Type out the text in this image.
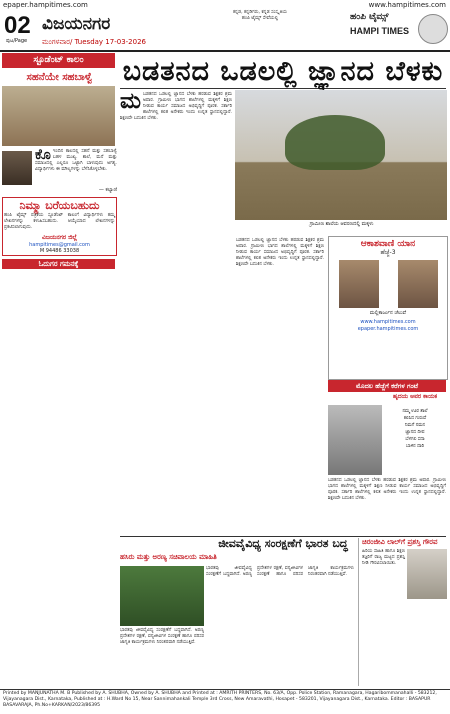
epaper.hampitimes.com	www.hampitimes.com
02
ಪುಟ/Page
ವಿಜಯನಗರ
ಮಂಗಳವಾರ/ Tuesday 17-03-2026
ಕನ್ನಡ, ಕನ್ನಡಿಗರು, ಕನ್ನಡ ಸಂಸ್ಕೃತಿಯ
ಹಂಪಿ ಟೈಮ್ಸ್ ಸೇವೆಯಲ್ಲಿ	ಹಂಪಿ ಟೈಮ್ಸ್
HAMPI TIMES
ಸ್ಟೂಡೆಂಟ್ ಕಾಲಂ
ಸಹನೆಯೇ ಸಹಬಾಳ್ವೆ
ಕೊ ಇಂದಿನ ಕಾಲದಲ್ಲಿ ಸಹನೆ ಮತ್ತು ಸಹಬಾಳ್ವೆ ಬಹಳ ಮುಖ್ಯ. ಶಾಲೆ, ಮನೆ ಮತ್ತು ಸಮಾಜದಲ್ಲಿ ಎಲ್ಲರೂ ಒಟ್ಟಾಗಿ ಬಾಳುವುದು ಅಗತ್ಯ. ವಿದ್ಯಾರ್ಥಿಗಳು ಈ ಮೌಲ್ಯಗಳನ್ನು ಬೆಳೆಸಿಕೊಳ್ಳಬೇಕು.
— ಕಲ್ಯಾಣಿ
ನಿಮ್ಮಾ ಬರೆಯಬಹುದು
ಹಂಪಿ ಟೈಮ್ಸ್ ಪತ್ರಿಕೆಯ ಸ್ಟೂಡೆಂಟ್ ಕಾಲಂಗೆ ವಿದ್ಯಾರ್ಥಿಗಳು ತಮ್ಮ ಲೇಖನಗಳನ್ನು ಕಳುಹಿಸಬಹುದು. ಆಯ್ಕೆಯಾದ ಲೇಖನಗಳನ್ನು ಪ್ರಕಟಿಸಲಾಗುವುದು.
ವಿಜಯನಗರ ಜಿಲ್ಲೆ
hampitimes@gmail.com
M 94486 33038
ಓದುಗರ ಗಮನಕ್ಕೆ
ಬಡತನದ ಒಡಲಲ್ಲಿ ಜ್ಞಾನದ ಬೆಳಕು
ಮ ಬಡತನದ ಒಡಲಲ್ಲಿ ಜ್ಞಾನದ ಬೆಳಕು ಹರಡುವ ಶಿಕ್ಷಕರ ಶ್ರಮ ಅಪಾರ. ಗ್ರಾಮೀಣ ಭಾಗದ ಶಾಲೆಗಳಲ್ಲಿ ಮಕ್ಕಳಿಗೆ ಶಿಕ್ಷಣ ನೀಡುವ ಕಾರ್ಯ ಸಮಾಜದ ಅಭಿವೃದ್ಧಿಗೆ ಪೂರಕ. ಸರ್ಕಾರಿ ಶಾಲೆಗಳಲ್ಲಿ ಕಲಿತ ಅನೇಕರು ಇಂದು ಉನ್ನತ ಸ್ಥಾನದಲ್ಲಿದ್ದಾರೆ. ಶಿಕ್ಷಣವೇ ಬದುಕಿನ ಬೆಳಕು.
ಗ್ರಾಮೀಣ ಶಾಲೆಯ ಆವರಣದಲ್ಲಿ ಮಕ್ಕಳು
ಬಡತನದ ಒಡಲಲ್ಲಿ ಜ್ಞಾನದ ಬೆಳಕು ಹರಡುವ ಶಿಕ್ಷಕರ ಶ್ರಮ ಅಪಾರ. ಗ್ರಾಮೀಣ ಭಾಗದ ಶಾಲೆಗಳಲ್ಲಿ ಮಕ್ಕಳಿಗೆ ಶಿಕ್ಷಣ ನೀಡುವ ಕಾರ್ಯ ಸಮಾಜದ ಅಭಿವೃದ್ಧಿಗೆ ಪೂರಕ. ಸರ್ಕಾರಿ ಶಾಲೆಗಳಲ್ಲಿ ಕಲಿತ ಅನೇಕರು ಇಂದು ಉನ್ನತ ಸ್ಥಾನದಲ್ಲಿದ್ದಾರೆ. ಶಿಕ್ಷಣವೇ ಬದುಕಿನ ಬೆಳಕು.
ಆಕಾಶವಾಣಿ ಯಾನ
ಹೆಜ್ಜೆ-3
ಮಲ್ಲಿಕಾರ್ಜುನ ಚೆಲುವೆ
www.hampitimes.com
epaper.hampitimes.com
ಮೊದಲ ಹೆಜ್ಜೆಗೆ ಕರೆಗಳ ಗಂಟೆ
ಹೃದಯ ಅವರ ಕಾಯಕ
ನಮ್ಮ ಊರ ಶಾಲೆ
ಕಲಿಸಿದ ಗುರುವೆ
ನಿಮಗೆ ನಮನ
ಜ್ಞಾನದ ದೀಪ
ಬೆಳಗಲಿ ಸದಾ
ಬಾಳಿನ ದಾರಿ
ಬಡತನದ ಒಡಲಲ್ಲಿ ಜ್ಞಾನದ ಬೆಳಕು ಹರಡುವ ಶಿಕ್ಷಕರ ಶ್ರಮ ಅಪಾರ. ಗ್ರಾಮೀಣ ಭಾಗದ ಶಾಲೆಗಳಲ್ಲಿ ಮಕ್ಕಳಿಗೆ ಶಿಕ್ಷಣ ನೀಡುವ ಕಾರ್ಯ ಸಮಾಜದ ಅಭಿವೃದ್ಧಿಗೆ ಪೂರಕ. ಸರ್ಕಾರಿ ಶಾಲೆಗಳಲ್ಲಿ ಕಲಿತ ಅನೇಕರು ಇಂದು ಉನ್ನತ ಸ್ಥಾನದಲ್ಲಿದ್ದಾರೆ. ಶಿಕ್ಷಣವೇ ಬದುಕಿನ ಬೆಳಕು.
ಜೀವವೈವಿಧ್ಯ ಸಂರಕ್ಷಣೆಗೆ ಭಾರತ ಬದ್ಧ
ಹಸಿರು ಮತ್ತು ಅರಣ್ಯ ಸಚಿವಾಲಯ ಮಾಹಿತಿ
ಭಾರತವು ಜೀವವೈವಿಧ್ಯ ಸಂರಕ್ಷಣೆಗೆ ಬದ್ಧವಾಗಿದೆ. ಅರಣ್ಯ ಪ್ರದೇಶಗಳ ರಕ್ಷಣೆ, ವನ್ಯಜೀವಿಗಳ ಸಂರಕ್ಷಣೆ ಹಾಗೂ ಪರಿಸರ ಜಾಗೃತಿ ಕಾರ್ಯಕ್ರಮಗಳು ನಿರಂತರವಾಗಿ ನಡೆಯುತ್ತಿವೆ.
ಭಾರತವು ಜೀವವೈವಿಧ್ಯ ಸಂರಕ್ಷಣೆಗೆ ಬದ್ಧವಾಗಿದೆ. ಅರಣ್ಯ ಪ್ರದೇಶಗಳ ರಕ್ಷಣೆ, ವನ್ಯಜೀವಿಗಳ ಸಂರಕ್ಷಣೆ ಹಾಗೂ ಪರಿಸರ ಜಾಗೃತಿ ಕಾರ್ಯಕ್ರಮಗಳು ನಿರಂತರವಾಗಿ ನಡೆಯುತ್ತಿವೆ.
ಚಿರಂಜೀವಿ ಲಾಲ್‌ಗೆ ಪ್ರಶಸ್ತಿ ಗೌರವ
ಹಿರಿಯ ಸಾಹಿತಿ ಹಾಗೂ ಶಿಕ್ಷಣ ತಜ್ಞರಿಗೆ ರಾಜ್ಯ ಮಟ್ಟದ ಪ್ರಶಸ್ತಿ ನೀಡಿ ಗೌರವಿಸಲಾಯಿತು.
Printed by MANJUNATHA M. B Published by A. SHUBHA, Owned by A. SHUBHA and Printed at : AMRITH PRINTERS, No. 63/A, Opp. Police Station, Ramanagara, Hagaribommanahalli - 583212, Vijayanagara Dist., Karnataka, Published at : H.Ward No 15, Near Sannimahankali Temple 3rd Cross, New Amaravathi, Hosapet - 583201, Vijayanagara Dist., Karnataka. Editor : BASAPUR BASAVARAJA, Ph.No+KARKAN/2023/86395
